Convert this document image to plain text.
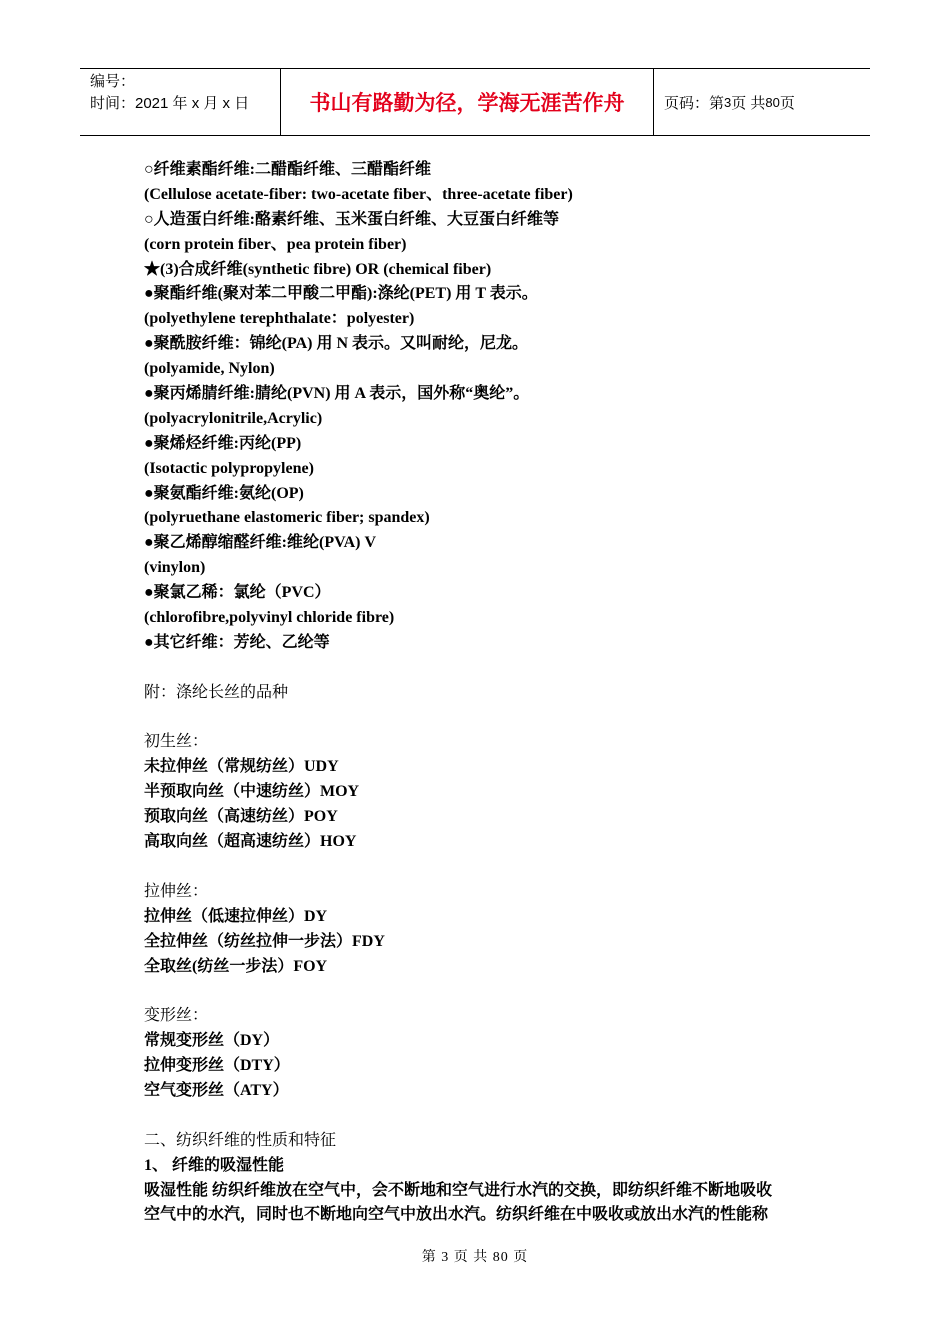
编号：
时间：2021 年 x 月 x 日	书山有路勤为径，学海无涯苦作舟	页码：第 3 页 共 80 页
○纤维素酯纤维:二醋酯纤维、三醋酯纤维
(Cellulose acetate-fiber: two-acetate fiber、three-acetate fiber)
○人造蛋白纤维:酪素纤维、玉米蛋白纤维、大豆蛋白纤维等
(corn protein fiber、pea protein fiber)
★(3)合成纤维(synthetic fibre) OR (chemical fiber)
●聚酯纤维(聚对苯二甲酸二甲酯):涤纶(PET) 用 T 表示。
(polyethylene terephthalate：polyester)
●聚酰胺纤维：锦纶(PA) 用 N 表示。又叫耐纶，尼龙。
(polyamide, Nylon)
●聚丙烯腈纤维:腈纶(PVN) 用 A 表示，国外称“奥纶”。
(polyacrylonitrile,Acrylic)
●聚烯烃纤维:丙纶(PP)
(Isotactic polypropylene)
●聚氨酯纤维:氨纶(OP)
(polyruethane elastomeric fiber; spandex)
●聚乙烯醇缩醛纤维:维纶(PVA) V
(vinylon)
●聚氯乙稀：氯纶（PVC）
(chlorofibre,polyvinyl chloride fibre)
●其它纤维：芳纶、乙纶等
附：涤纶长丝的品种
初生丝：
未拉伸丝（常规纺丝）UDY
半预取向丝（中速纺丝）MOY
预取向丝（高速纺丝）POY
高取向丝（超高速纺丝）HOY
拉伸丝：
拉伸丝（低速拉伸丝）DY
全拉伸丝（纺丝拉伸一步法）FDY
全取丝(纺丝一步法）FOY
变形丝：
常规变形丝（DY）
拉伸变形丝（DTY）
空气变形丝（ATY）
二、纺织纤维的性质和特征
1、 纤维的吸湿性能
吸湿性能 纺织纤维放在空气中，会不断地和空气进行水汽的交换，即纺织纤维不断地吸收
空气中的水汽，同时也不断地向空气中放出水汽。纺织纤维在中吸收或放出水汽的性能称
第 3 页 共 80 页
